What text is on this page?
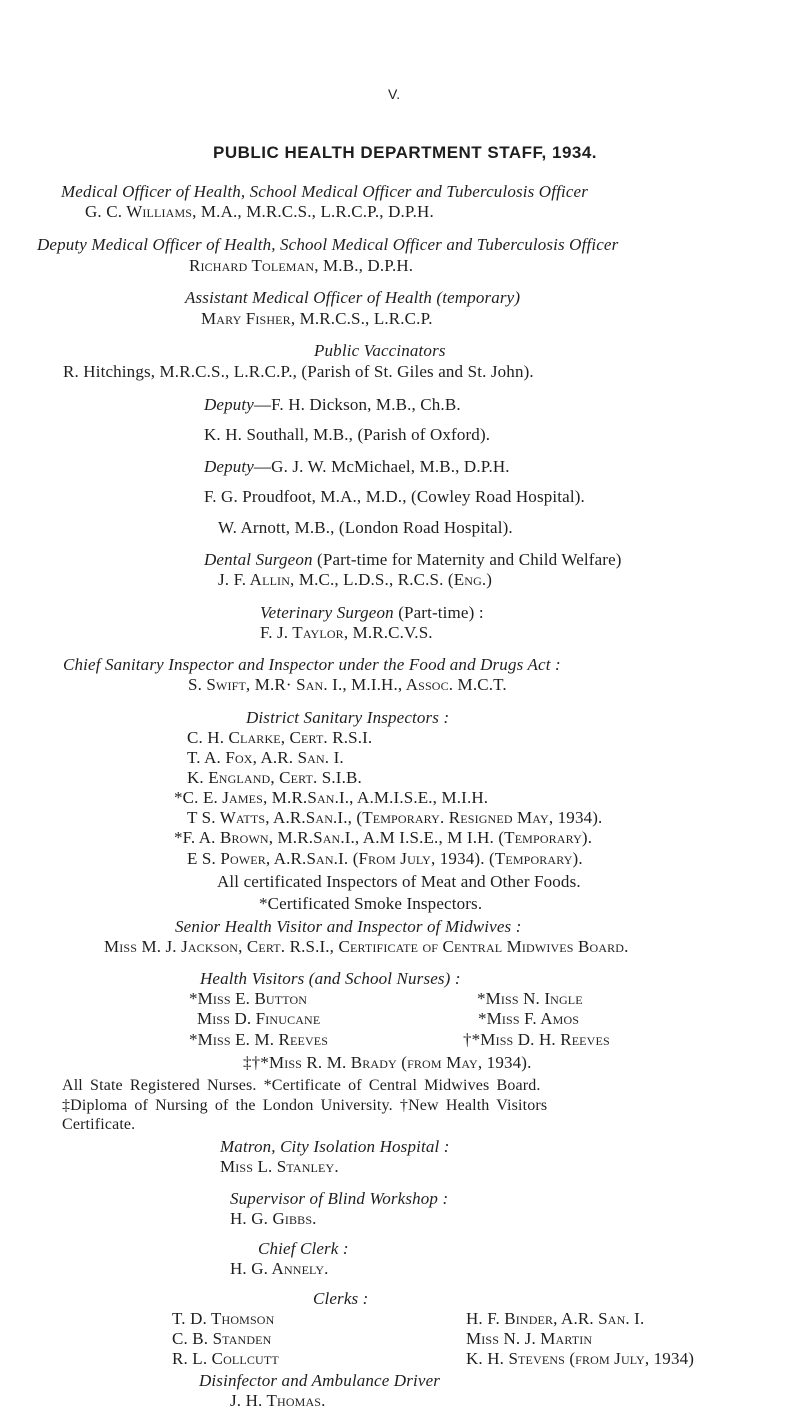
V.
PUBLIC HEALTH DEPARTMENT STAFF, 1934.
Medical Officer of Health, School Medical Officer and Tuberculosis Officer
G. C. Williams, M.A., M.R.C.S., L.R.C.P., D.P.H.
Deputy Medical Officer of Health, School Medical Officer and Tuberculosis Officer
Richard Toleman, M.B., D.P.H.
Assistant Medical Officer of Health (temporary)
Mary Fisher, M.R.C.S., L.R.C.P.
Public Vaccinators
R. Hitchings, M.R.C.S., L.R.C.P., (Parish of St. Giles and St. John).
Deputy—F. H. Dickson, M.B., Ch.B.
K. H. Southall, M.B., (Parish of Oxford).
Deputy—G. J. W. McMichael, M.B., D.P.H.
F. G. Proudfoot, M.A., M.D., (Cowley Road Hospital).
W. Arnott, M.B., (London Road Hospital).
Dental Surgeon (Part-time for Maternity and Child Welfare)
J. F. Allin, M.C., L.D.S., R.C.S. (Eng.)
Veterinary Surgeon (Part-time) :
F. J. Taylor, M.R.C.V.S.
Chief Sanitary Inspector and Inspector under the Food and Drugs Act :
S. Swift, M.R· San. I., M.I.H., Assoc. M.C.T.
District Sanitary Inspectors :
C. H. Clarke, Cert. R.S.I.
T. A. Fox, A.R. San. I.
K. England, Cert. S.I.B.
*C. E. James, M.R.San.I., A.M.I.S.E., M.I.H.
T S. Watts, A.R.San.I., (Temporary. Resigned May, 1934).
*F. A. Brown, M.R.San.I., A.M I.S.E., M I.H. (Temporary).
E S. Power, A.R.San.I. (From July, 1934). (Temporary).
All certificated Inspectors of Meat and Other Foods.
*Certificated Smoke Inspectors.
Senior Health Visitor and Inspector of Midwives :
Miss M. J. Jackson, Cert. R.S.I., Certificate of Central Midwives Board.
Health Visitors (and School Nurses) :
*Miss E. Button	*Miss N. Ingle
Miss D. Finucane	*Miss F. Amos
*Miss E. M. Reeves	†*Miss D. H. Reeves
‡†*Miss R. M. Brady (from May, 1934).
All State Registered Nurses. *Certificate of Central Midwives Board.
‡Diploma of Nursing of the London University. †New Health Visitors
Certificate.
Matron, City Isolation Hospital :
Miss L. Stanley.
Supervisor of Blind Workshop :
H. G. Gibbs.
Chief Clerk :
H. G. Annely.
Clerks :
T. D. Thomson	H. F. Binder, A.R. San. I.
C. B. Standen	Miss N. J. Martin
R. L. Collcutt	K. H. Stevens (from July, 1934)
Disinfector and Ambulance Driver
J. H. Thomas.
